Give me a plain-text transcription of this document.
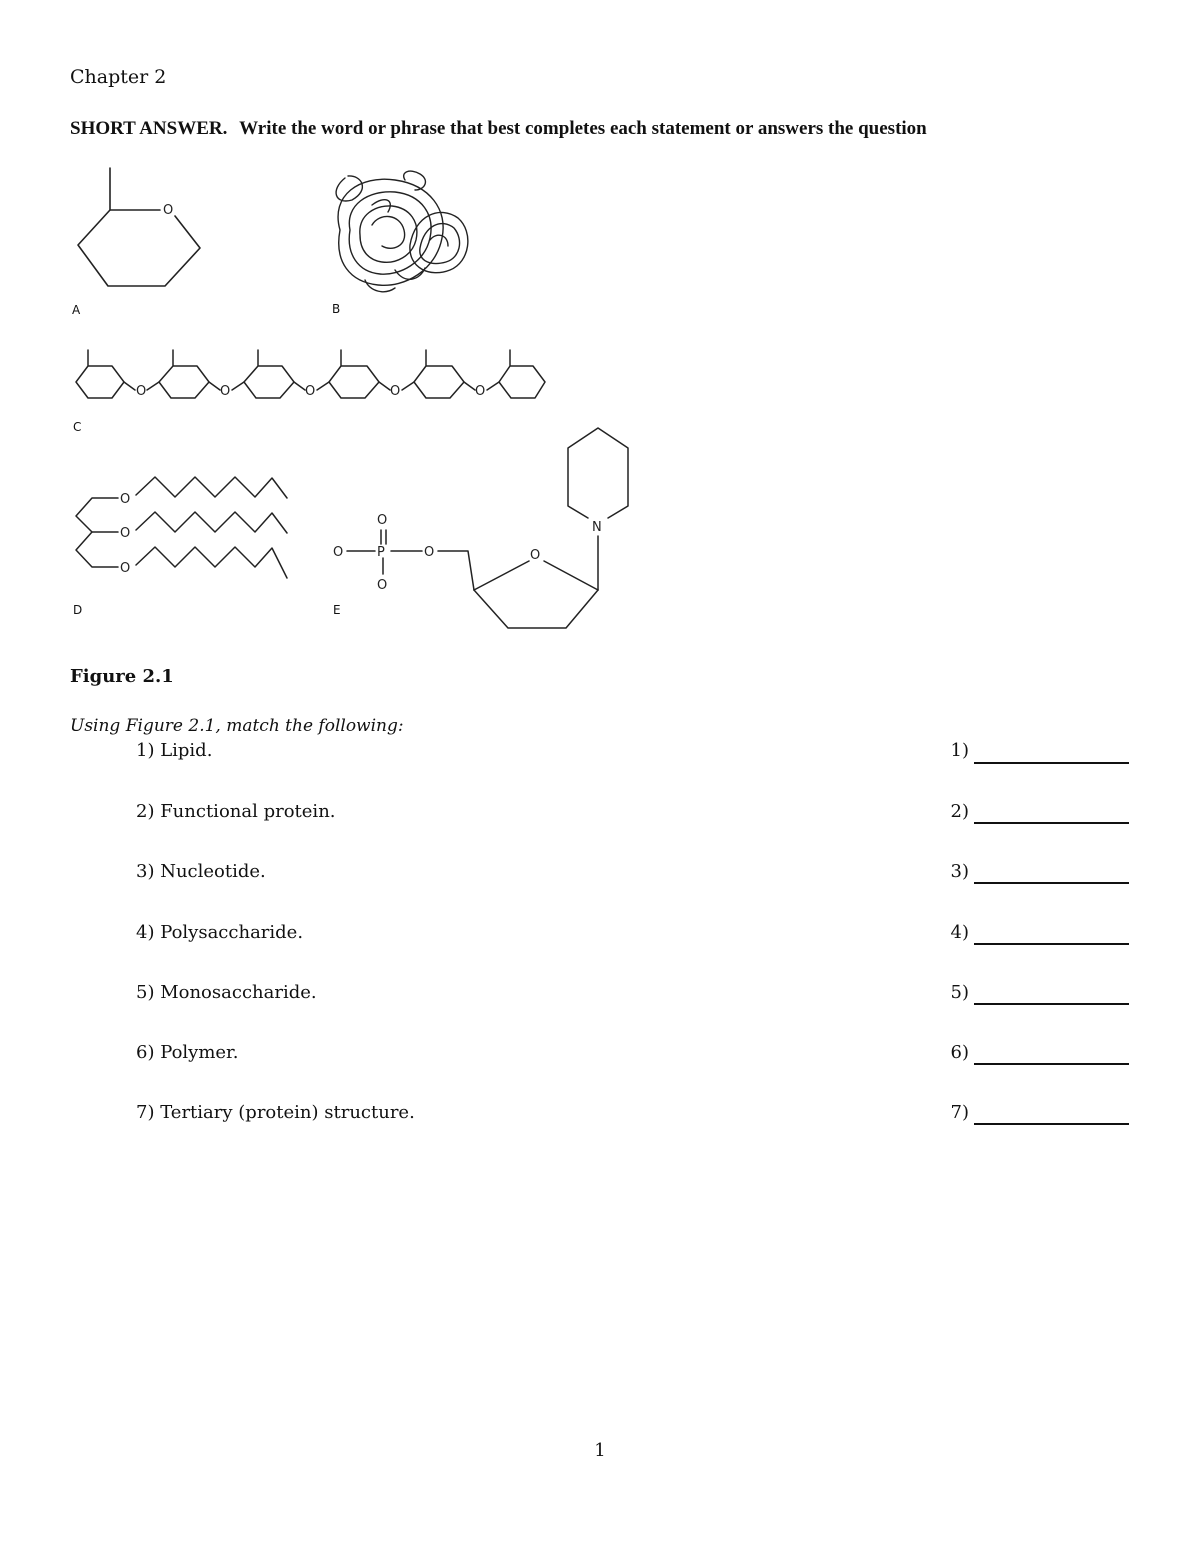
Chapter 2
SHORT ANSWER. Write the word or phrase that best completes each statement or answers the question
O
A	B
O	O	O	O	O
C
O
O
O
D
O
O	P
O
O	O
N
E
Figure 2.1
Using Figure 2.1, match the following:
1) Lipid.	1)
2) Functional protein.	2)
3) Nucleotide.	3)
4) Polysaccharide.	4)
5) Monosaccharide.	5)
6) Polymer.	6)
7) Tertiary (protein) structure.	7)
1
